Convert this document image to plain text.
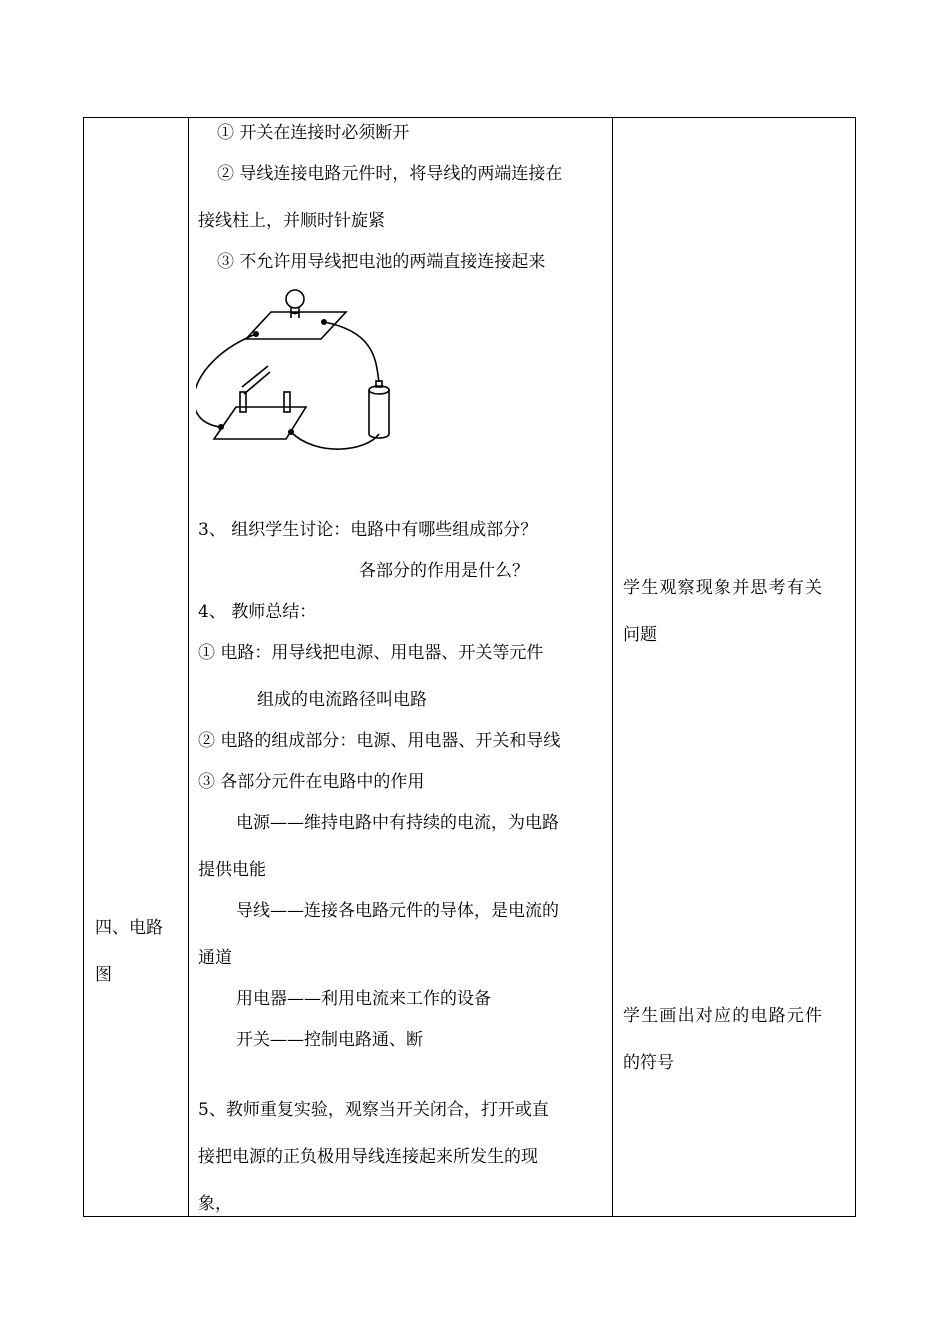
四、电路
图
① 开关在连接时必须断开
② 导线连接电路元件时，将导线的两端连接在
接线柱上，并顺时针旋紧
③ 不允许用导线把电池的两端直接连接起来
3、 组织学生讨论：电路中有哪些组成部分？
各部分的作用是什么？
4、 教师总结：
① 电路：用导线把电源、用电器、开关等元件
组成的电流路径叫电路
② 电路的组成部分：电源、用电器、开关和导线
③ 各部分元件在电路中的作用
电源——维持电路中有持续的电流，为电路
提供电能
导线——连接各电路元件的导体，是电流的
通道
用电器——利用电流来工作的设备
开关——控制电路通、断
5、教师重复实验，观察当开关闭合，打开或直
接把电源的正负极用导线连接起来所发生的现
象，
学生观察现象并思考有关
问题
学生画出对应的电路元件
的符号
